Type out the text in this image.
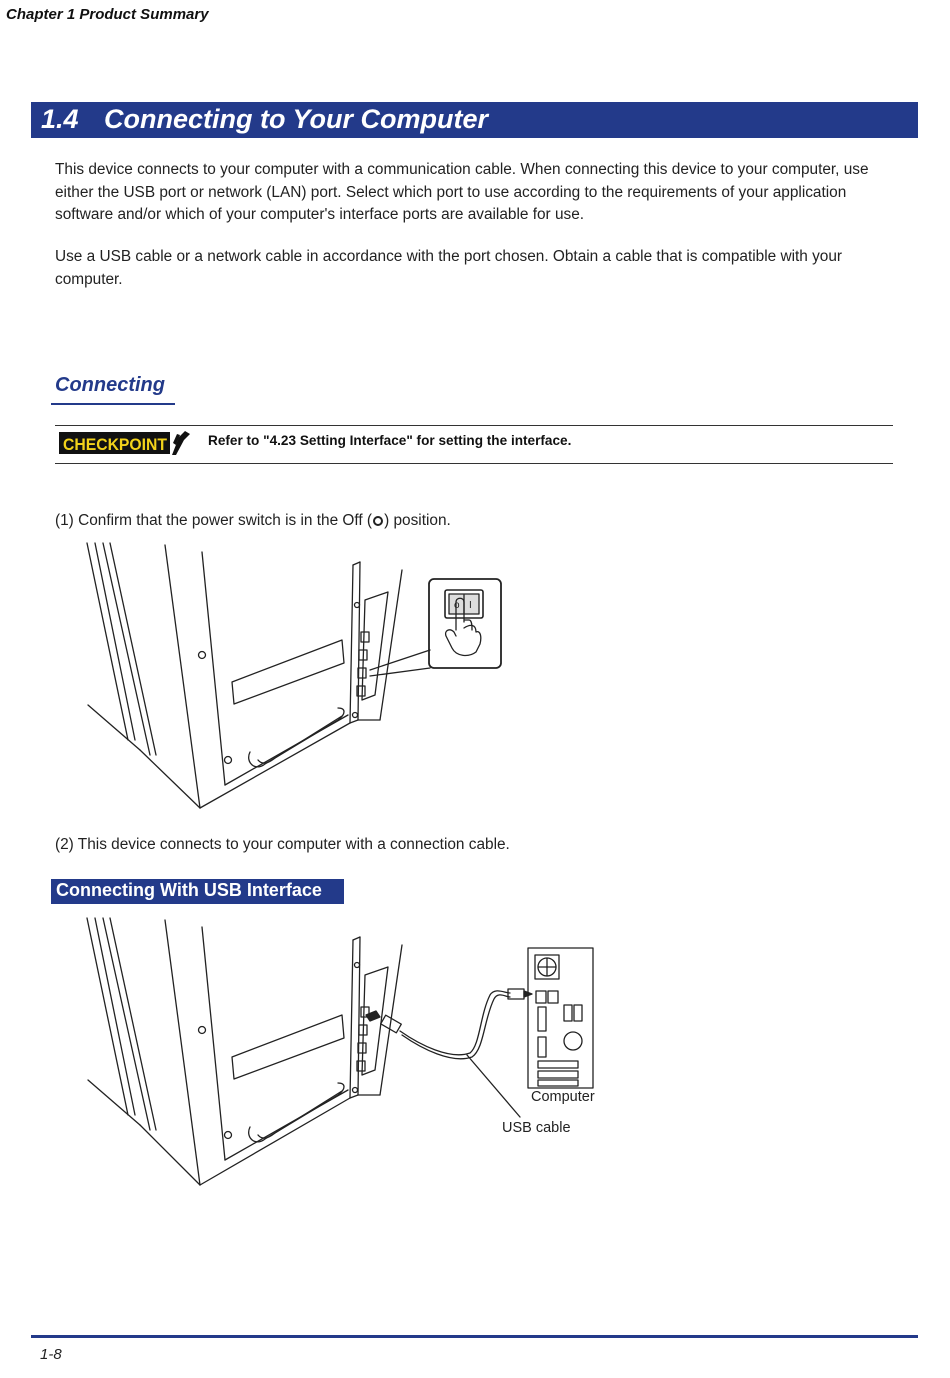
Chapter 1 Product Summary
1.4 Connecting to Your Computer

This device connects to your computer with a communication cable. When connecting this device to your computer, use either the USB port or network (LAN) port. Select which port to use according to the requirements of your application software and/or which of your computer's interface ports are available for use.

Use a USB cable or a network cable in accordance with the port chosen. Obtain a cable that is compatible with your computer.

Connecting
CHECKPOINT	Refer to "4.23 Setting Interface" for setting the interface.
(1) Confirm that the power switch is in the Off ( ) position.
o I
(2) This device connects to your computer with a connection cable.
Connecting With USB Interface
Computer
USB cable
1-8
